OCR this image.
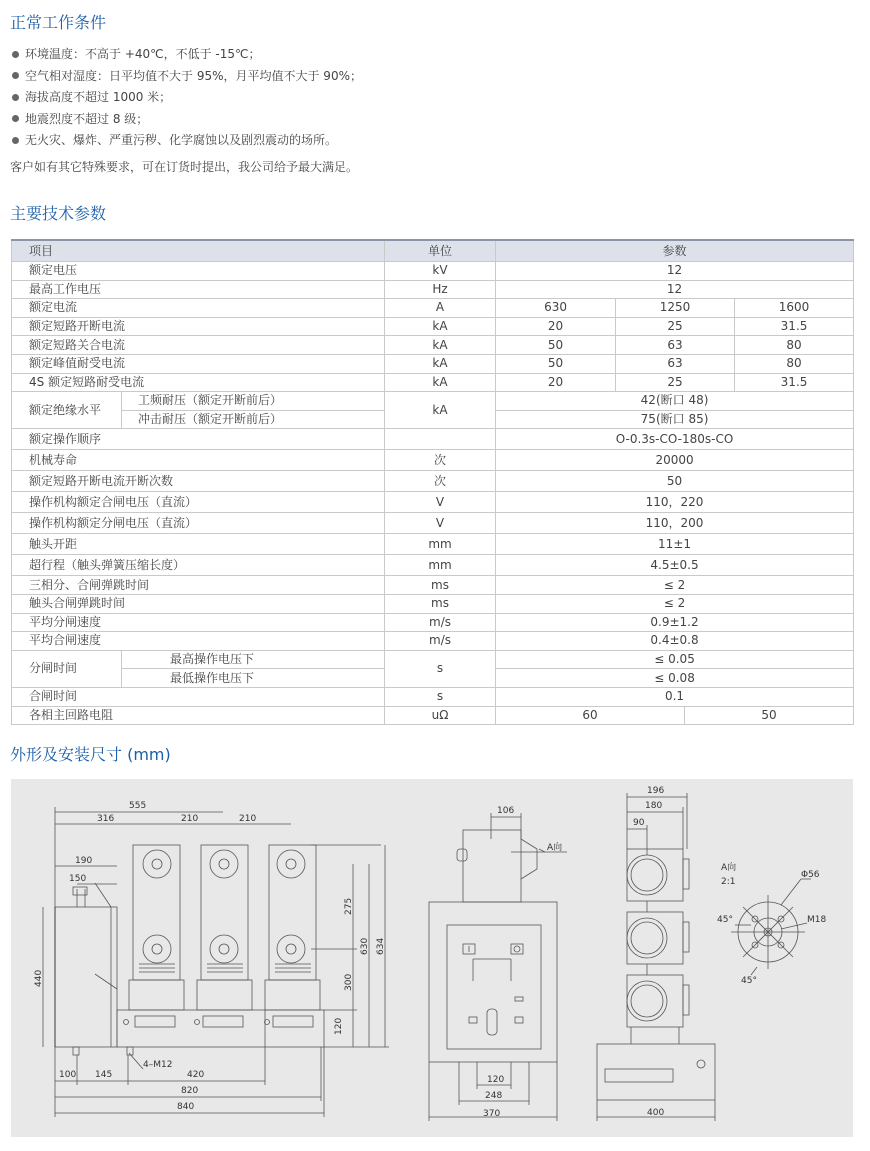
正常工作条件
环境温度：不高于 +40℃，不低于 -15℃；
空气相对湿度：日平均值不大于 95%，月平均值不大于 90%；
海拔高度不超过 1000 米；
地震烈度不超过 8 级；
无火灾、爆炸、严重污秽、化学腐蚀以及剧烈震动的场所。
客户如有其它特殊要求，可在订货时提出，我公司给予最大满足。
主要技术参数
项目		单位	参数		
额定电压		kV	12		
最高工作电压		Hz	12		
额定电流		A	630	1250	1600
额定短路开断电流		kA	20	25	31.5
额定短路关合电流		kA	50	63	80
额定峰值耐受电流		kA	50	63	80
4S 额定短路耐受电流		kA	20	25	31.5
额定绝缘水平	工频耐压（额定开断前后）	kA	42(断口 48)		
	冲击耐压（额定开断前后）		75(断口 85)		
额定操作顺序			O-0.3s-CO-180s-CO		
机械寿命		次	20000		
额定短路开断电流开断次数		次	50		
操作机构额定合闸电压（直流）		V	110，220		
操作机构额定分闸电压（直流）		V	110，200		
触头开距		mm	11±1		
超行程（触头弹簧压缩长度）		mm	4.5±0.5		
三相分、合闸弹跳时间		ms	≤ 2		
触头合闸弹跳时间		ms	≤ 2		
平均分闸速度		m/s	0.9±1.2		
平均合闸速度		m/s	0.4±0.8		
分闸时间	最高操作电压下	s	≤ 0.05		
	最低操作电压下		≤ 0.08		
合闸时间		s	0.1		
各相主回路电阻		uΩ	60 50		
外形及安装尺寸 (mm)
555
316	210	210
190
150
440
275
300
120
630 634
100 145	420
4–M12
820
840
106
A向
120
248
370
196
180
90
400
A向
2:1
Φ56
M18
45°
45°
